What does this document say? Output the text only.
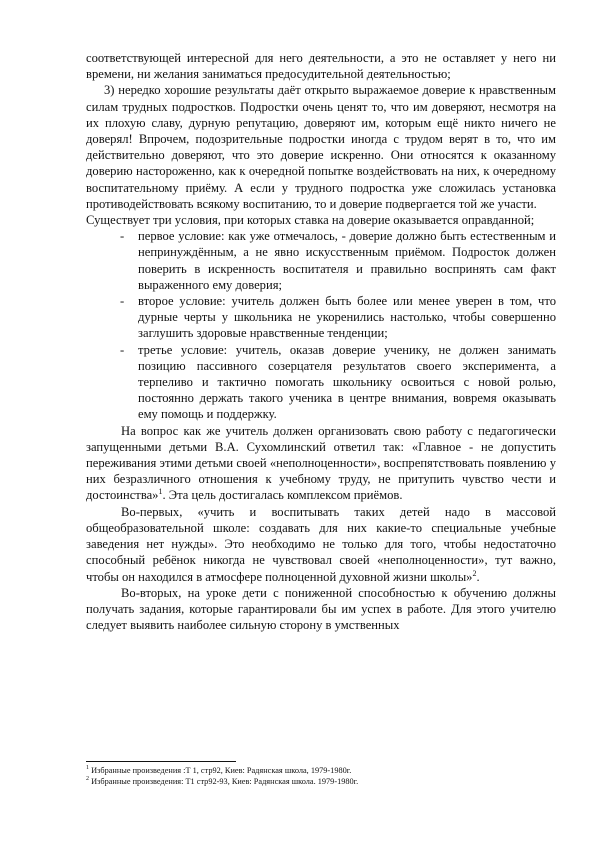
соответствующей интересной для него деятельности, а это не оставляет у него ни времени, ни желания заниматься предосудительной деятельностью;

3) нередко хорошие результаты даёт открыто выражаемое доверие к нравственным силам трудных подростков. Подростки очень ценят то, что им доверяют, несмотря на их плохую славу, дурную репутацию, доверяют им, которым ещё никто ничего не доверял! Впрочем, подозрительные подростки иногда с трудом верят в то, что им действительно доверяют, что это доверие искренно. Они относятся к оказанному доверию настороженно, как к очередной попытке воздействовать на них, к очередному воспитательному приёму. А если у трудного подростка уже сложилась установка противодействовать всякому воспитанию, то и доверие подвергается той же участи.

Существует три условия, при которых ставка на доверие оказывается оправданной;

- первое условие: как уже отмечалось, - доверие должно быть естественным и непринуждённым, а не явно искусственным приёмом. Подросток должен поверить в искренность воспитателя и правильно воспринять сам факт выраженного ему доверия;
- второе условие: учитель должен быть более или менее уверен в том, что дурные черты у школьника не укоренились настолько, чтобы совершенно заглушить здоровые нравственные тенденции;
- третье условие: учитель, оказав доверие ученику, не должен занимать позицию пассивного созерцателя результатов своего эксперимента, а терпеливо и тактично помогать школьнику освоиться с новой ролью, постоянно держать такого ученика в центре внимания, вовремя оказывать ему помощь и поддержку.

На вопрос как же учитель должен организовать свою работу с педагогически запущенными детьми В.А. Сухомлинский ответил так: «Главное - не допустить переживания этими детьми своей «неполноценности», воспрепятствовать появлению у них безразличного отношения к учебному труду, не притупить чувство чести и достоинства»$^1$. Эта цель достигалась комплексом приёмов.

Во-первых, «учить и воспитывать таких детей надо в массовой общеобразовательной школе: создавать для них какие-то специальные учебные заведения нет нужды». Это необходимо не только для того, чтобы недостаточно способный ребёнок никогда не чувствовал своей «неполноценности», тут важно, чтобы он находился в атмосфере полноценной духовной жизни школы»$^2$.

Во-вторых, на уроке дети с пониженной способностью к обучению должны получать задания, которые гарантировали бы им успех в работе. Для этого учителю следует выявить наиболее сильную сторону в умственных

$^1$ Избранные произведения :Т 1, стр92, Киев: Радянская школа, 1979-1980г.
$^2$ Избранные произведения: Т1 стр92-93, Киев: Радянская школа. 1979-1980г.
